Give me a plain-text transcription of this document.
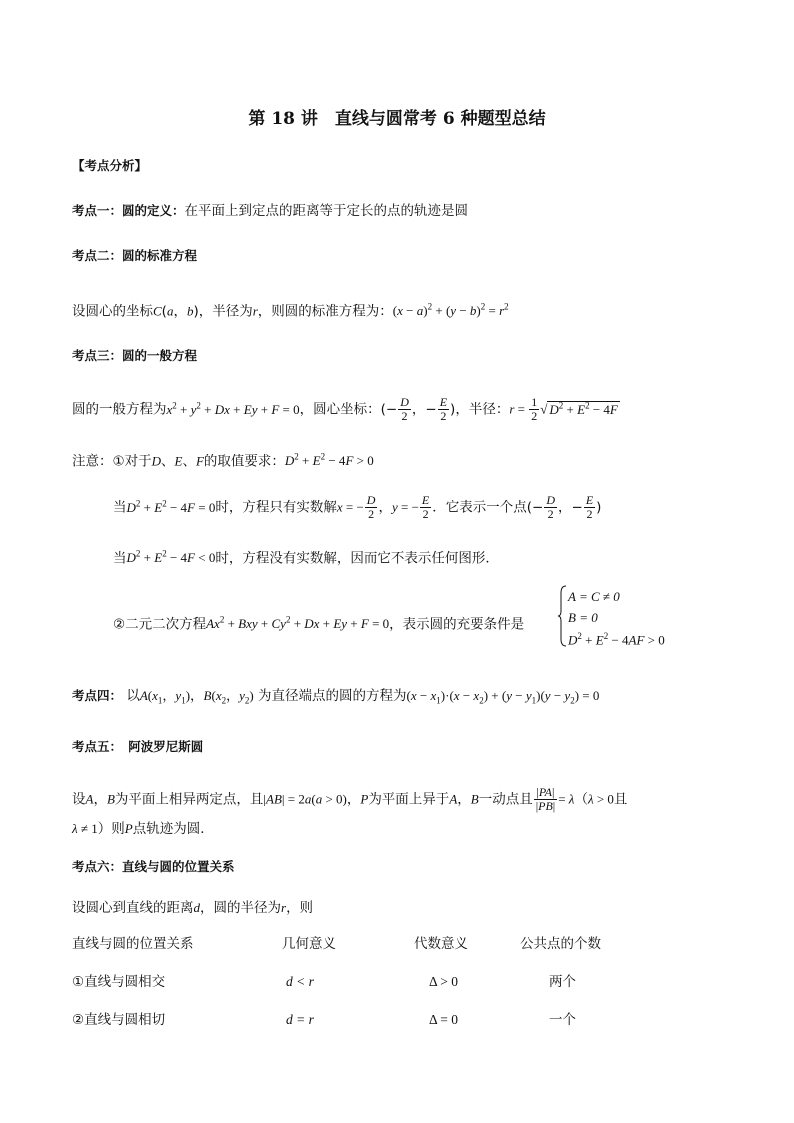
第 18 讲　直线与圆常考 6 种题型总结
【考点分析】
考点一：圆的定义：在平面上到定点的距离等于定长的点的轨迹是圆
考点二：圆的标准方程
设圆心的坐标C(a，b)，半径为r，则圆的标准方程为：$(x - a)^2 + (y - b)^2 = r^2$
考点三：圆的一般方程
圆的一般方程为$x^2 + y^2 + Dx + Ey + F = 0$，圆心坐标：(− $\frac{D}{2}$ ，− $\frac{E}{2}$ )，半径：$r = \frac{1}{2}$ √ $D^2 + E^2 - 4F$
注意：①对于D、E、F的取值要求：$D^2 + E^2 - 4F > 0$
当$D^2 + E^2 - 4F = 0$时，方程只有实数解x = − $\frac{D}{2}$ ，y = − $\frac{E}{2}$ ．它表示一个点(− $\frac{D}{2}$ ，− $\frac{E}{2}$ )
当$D^2 + E^2 - 4F < 0$时，方程没有实数解，因而它不表示任何图形．
②二元二次方程$Ax^2$ + Bxy + $Cy^2 + Dx + Ey + F = 0$，表示圆的充要条件是
A = C ≠ 0
B = 0
$D^2 + E^2 - 4AF > 0$
考点四： 以$A(x_1$，$y_1$)，$B(x_2$，$y_2$) 为直径端点的圆的方程为$(x - x_1)\cdot(x - x_2) + (y - y_1)(y - y_2) = 0$
考点五：　阿波罗尼斯圆
设A，B为平面上相异两定点，且|AB| = 2a(a > 0)，P为平面上异于A，B一动点且 $\frac{|PA|}{|PB|} = \lambda(\lambda > 0$且
λ ≠ 1）则P点轨迹为圆．
考点六：直线与圆的位置关系
设圆心到直线的距离d，圆的半径为r，则
直线与圆的位置关系	几何意义	代数意义	公共点的个数
①直线与圆相交	d < r	Δ > 0	两个
②直线与圆相切	d = r	Δ = 0	一个
